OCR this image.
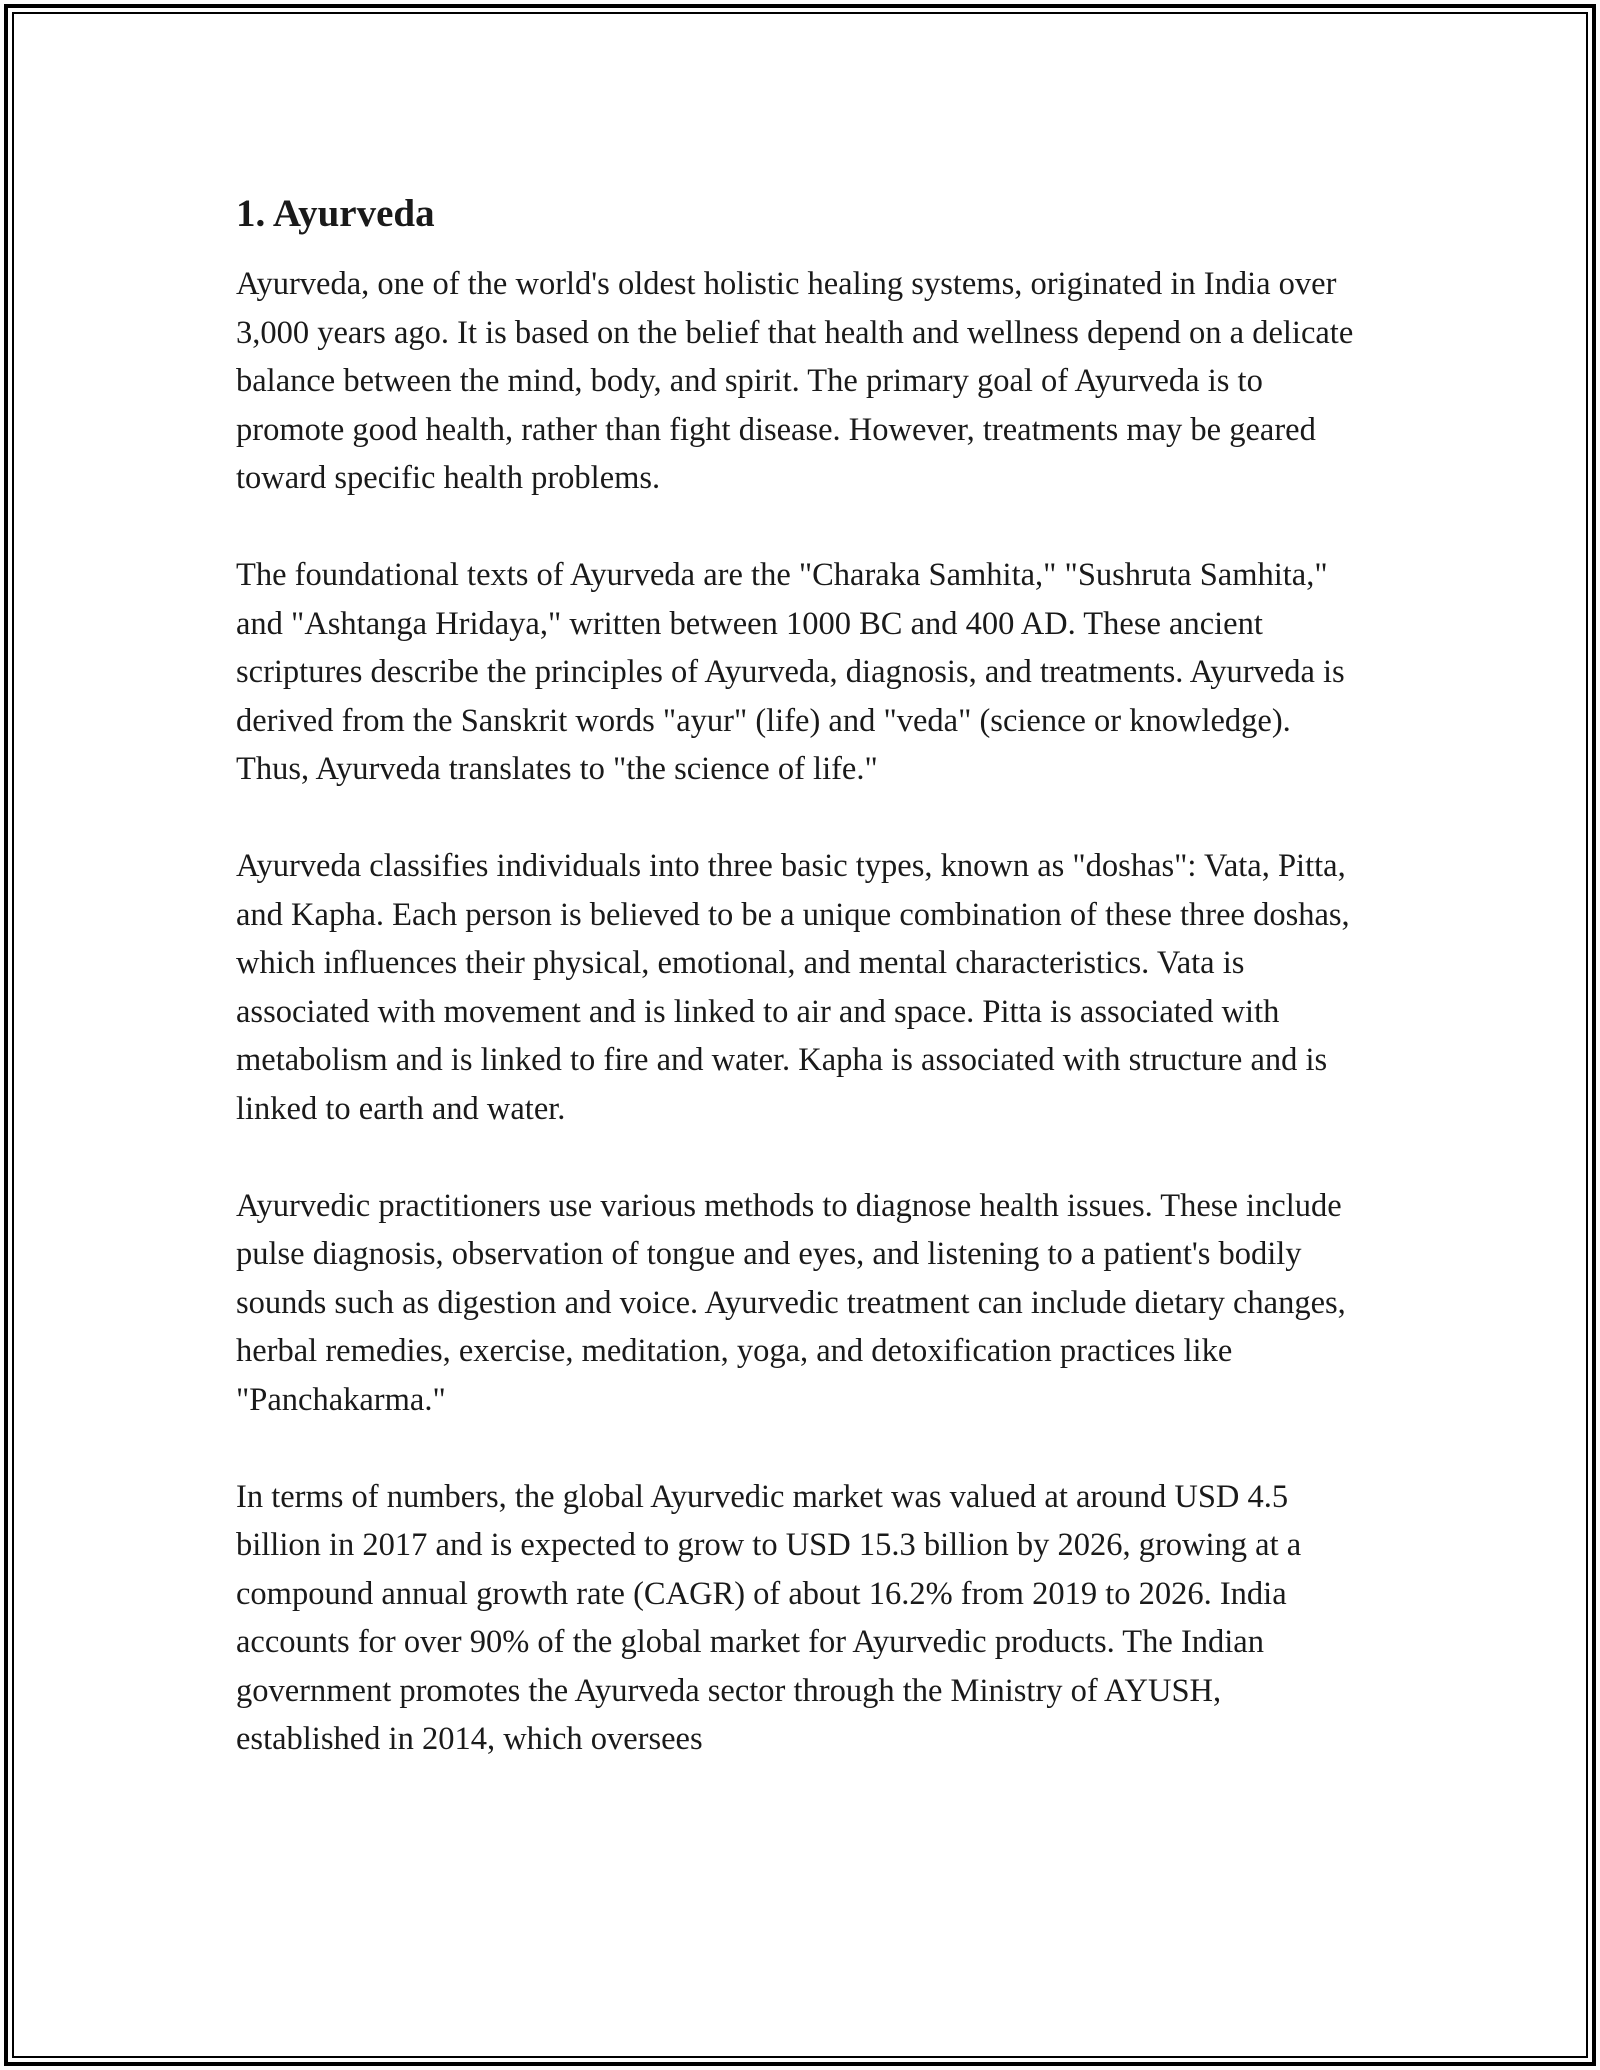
1. Ayurveda

Ayurveda, one of the world's oldest holistic healing systems, originated in India over 3,000 years ago. It is based on the belief that health and wellness depend on a delicate balance between the mind, body, and spirit. The primary goal of Ayurveda is to promote good health, rather than fight disease. However, treatments may be geared toward specific health problems.

The foundational texts of Ayurveda are the "Charaka Samhita," "Sushruta Samhita," and "Ashtanga Hridaya," written between 1000 BC and 400 AD. These ancient scriptures describe the principles of Ayurveda, diagnosis, and treatments. Ayurveda is derived from the Sanskrit words "ayur" (life) and "veda" (science or knowledge). Thus, Ayurveda translates to "the science of life."

Ayurveda classifies individuals into three basic types, known as "doshas": Vata, Pitta, and Kapha. Each person is believed to be a unique combination of these three doshas, which influences their physical, emotional, and mental characteristics. Vata is associated with movement and is linked to air and space. Pitta is associated with metabolism and is linked to fire and water. Kapha is associated with structure and is linked to earth and water.

Ayurvedic practitioners use various methods to diagnose health issues. These include pulse diagnosis, observation of tongue and eyes, and listening to a patient's bodily sounds such as digestion and voice. Ayurvedic treatment can include dietary changes, herbal remedies, exercise, meditation, yoga, and detoxification practices like "Panchakarma."

In terms of numbers, the global Ayurvedic market was valued at around USD 4.5 billion in 2017 and is expected to grow to USD 15.3 billion by 2026, growing at a compound annual growth rate (CAGR) of about 16.2% from 2019 to 2026. India accounts for over 90% of the global market for Ayurvedic products. The Indian government promotes the Ayurveda sector through the Ministry of AYUSH, established in 2014, which oversees
